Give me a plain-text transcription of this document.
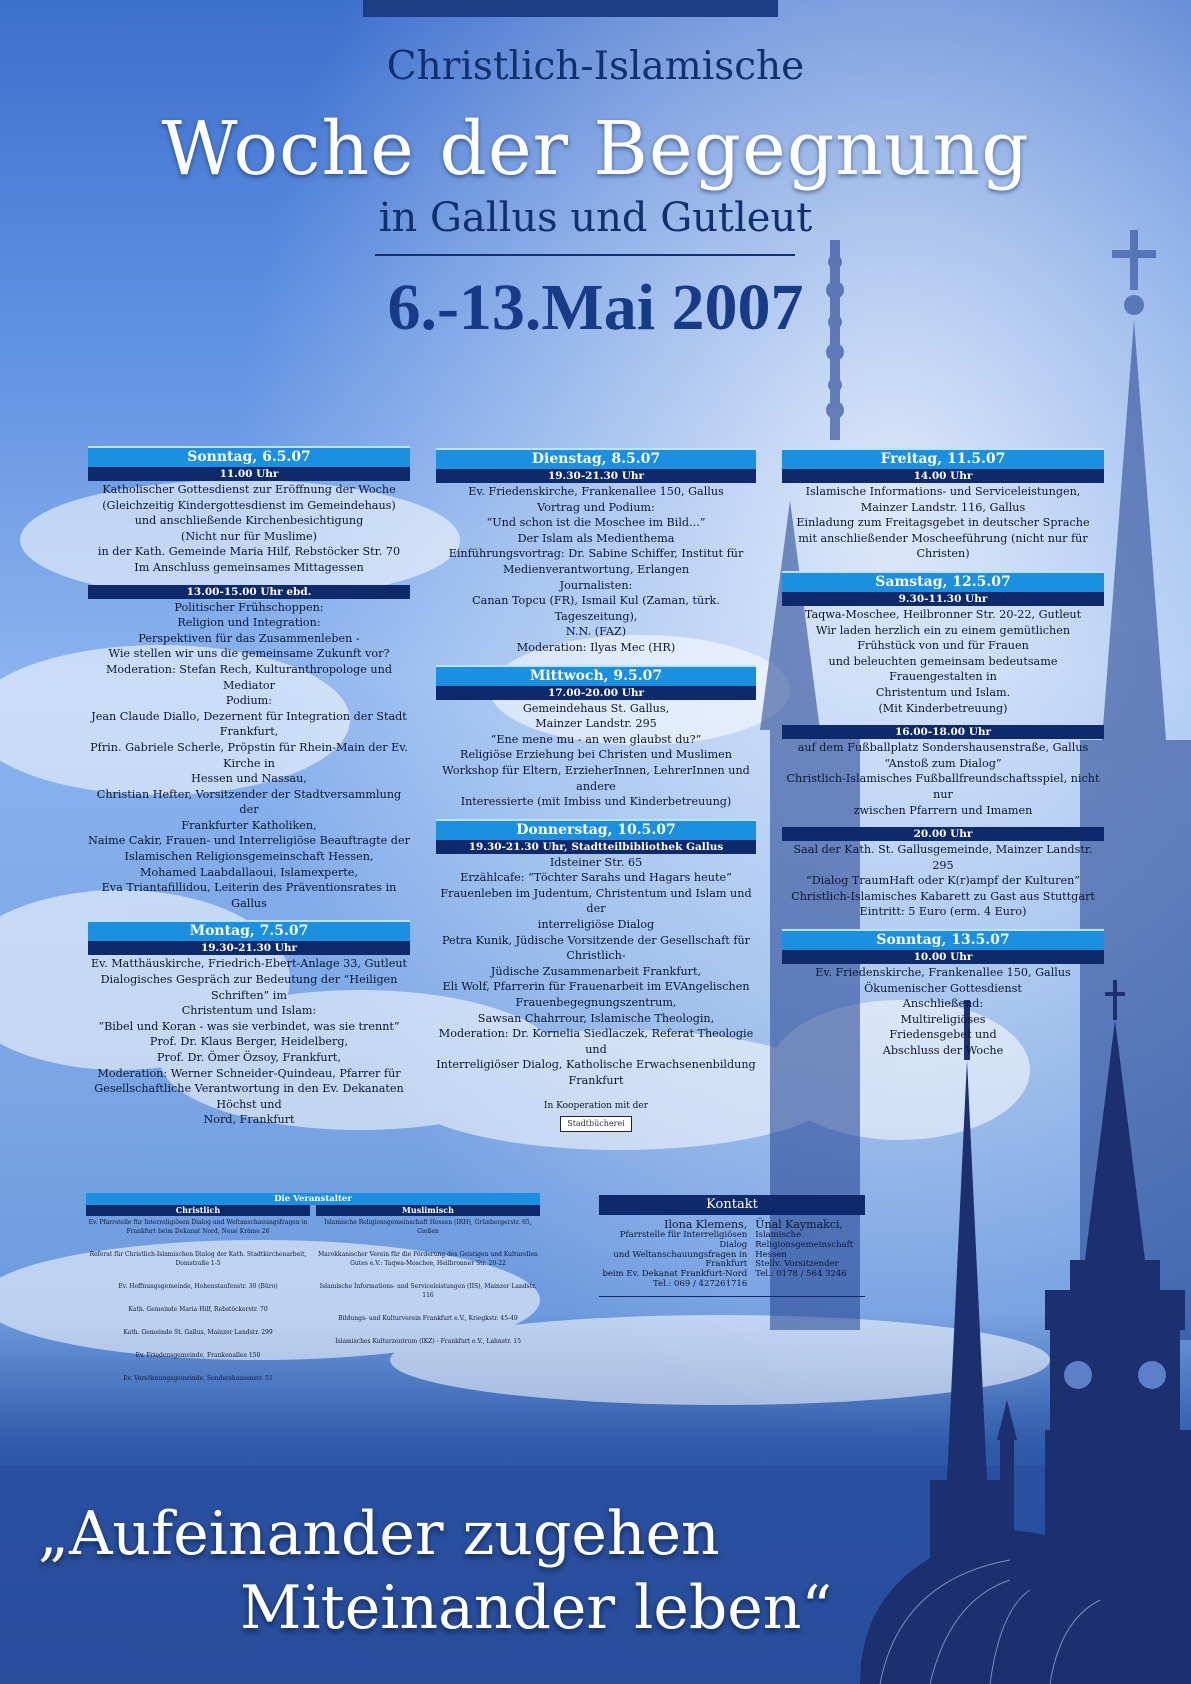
Christlich-Islamische
Woche der Begegnung
in Gallus und Gutleut
6.-13.Mai 2007
Sonntag, 6.5.07
11.00 Uhr

Katholischer Gottesdienst zur Eröffnung der Woche

(Gleichzeitig Kindergottesdienst im Gemeindehaus)

und anschließende Kirchenbesichtigung

(Nicht nur für Muslime)

in der Kath. Gemeinde Maria Hilf, Rebstöcker Str. 70

Im Anschluss gemeinsames Mittagessen

13.00-15.00 Uhr ebd.

Politischer Frühschoppen:

Religion und Integration:

Perspektiven für das Zusammenleben -

Wie stellen wir uns die gemeinsame Zukunft vor?

Moderation: Stefan Rech, Kulturanthropologe und Mediator

Podium:

Jean Claude Diallo, Dezernent für Integration der Stadt Frankfurt,

Pfrin. Gabriele Scherle, Pröpstin für Rhein-Main der Ev. Kirche in

Hessen und Nassau,

Christian Hefter, Vorsitzender der Stadtversammlung der

Frankfurter Katholiken,

Naime Cakir, Frauen- und Interreligiöse Beauftragte der

Islamischen Religionsgemeinschaft Hessen,

Mohamed Laabdallaoui, Islamexperte,

Eva Triantafillidou, Leiterin des Präventionsrates in Gallus

Montag, 7.5.07
19.30-21.30 Uhr

Ev. Matthäuskirche, Friedrich-Ebert-Anlage 33, Gutleut

Dialogisches Gespräch zur Bedeutung der “Heiligen Schriften” im

Christentum und Islam:

“Bibel und Koran - was sie verbindet, was sie trennt”

Prof. Dr. Klaus Berger, Heidelberg,

Prof. Dr. Ömer Özsoy, Frankfurt,

Moderation: Werner Schneider-Quindeau, Pfarrer für

Gesellschaftliche Verantwortung in den Ev. Dekanaten Höchst und

Nord, Frankfurt

Dienstag, 8.5.07
19.30-21.30 Uhr

Ev. Friedenskirche, Frankenallee 150, Gallus

Vortrag und Podium:

“Und schon ist die Moschee im Bild...”

Der Islam als Medienthema

Einführungsvortrag: Dr. Sabine Schiffer, Institut für

Medienverantwortung, Erlangen

Journalisten:

Canan Topcu (FR), Ismail Kul (Zaman, türk. Tageszeitung),

N.N. (FAZ)

Moderation: Ilyas Mec (HR)

Mittwoch, 9.5.07
17.00-20.00 Uhr

Gemeindehaus St. Gallus,

Mainzer Landstr. 295

“Ene mene mu - an wen glaubst du?”

Religiöse Erziehung bei Christen und Muslimen

Workshop für Eltern, ErzieherInnen, LehrerInnen und andere

Interessierte (mit Imbiss und Kinderbetreuung)

Donnerstag, 10.5.07
19.30-21.30 Uhr, Stadtteilbibliothek Gallus

Idsteiner Str. 65

Erzählcafe: “Töchter Sarahs und Hagars heute”

Frauenleben im Judentum, Christentum und Islam und der

interreligiöse Dialog

Petra Kunik, Jüdische Vorsitzende der Gesellschaft für Christlich-

Jüdische Zusammenarbeit Frankfurt,

Eli Wolf, Pfarrerin für Frauenarbeit im EVAngelischen

Frauenbegegnungszentrum,

Sawsan Chahrrour, Islamische Theologin,

Moderation: Dr. Kornelia Siedlaczek, Referat Theologie und

Interreligiöser Dialog, Katholische Erwachsenenbildung Frankfurt

In Kooperation mit der
Stadtbücherei
Freitag, 11.5.07
14.00 Uhr

Islamische Informations- und Serviceleistungen,

Mainzer Landstr. 116, Gallus

Einladung zum Freitagsgebet in deutscher Sprache

mit anschließender Moscheeführung (nicht nur für Christen)

Samstag, 12.5.07
9.30-11.30 Uhr

Taqwa-Moschee, Heilbronner Str. 20-22, Gutleut

Wir laden herzlich ein zu einem gemütlichen

Frühstück von und für Frauen

und beleuchten gemeinsam bedeutsame Frauengestalten in

Christentum und Islam.

(Mit Kinderbetreuung)

16.00-18.00 Uhr

auf dem Fußballplatz Sondershausenstraße, Gallus

“Anstoß zum Dialog”

Christlich-Islamisches Fußballfreundschaftsspiel, nicht nur

zwischen Pfarrern und Imamen

20.00 Uhr

Saal der Kath. St. Gallusgemeinde, Mainzer Landstr. 295

“Dialog TraumHaft oder K(r)ampf der Kulturen”

Christlich-Islamisches Kabarett zu Gast aus Stuttgart

Eintritt: 5 Euro (erm. 4 Euro)

Sonntag, 13.5.07
10.00 Uhr

Ev. Friedenskirche, Frankenallee 150, Gallus

Ökumenischer Gottesdienst

Anschließend:

Multireligiöses

Friedensgebet und

Abschluss der Woche

Die Veranstalter
Christlich

Ev. Pfarrstelle für Interreligiösen Dialog und Weltanschauungsfragen in Frankfurt beim Dekanat Nord, Neue Kräme 26

Referat für Christlich-Islamischen Dialog der Kath. Stadtkirchenarbeit, Domstraße 1-5

Ev. Hoffnungsgemeinde, Hohenstaufenstr. 30 (Büro)

Kath. Gemeinde Maria Hilf, Rebstöckerstr. 70

Kath. Gemeinde St. Gallus, Mainzer Landstr. 299

Ev. Friedensgemeinde, Frankenallee 150

Ev. Versöhnungsgemeinde, Sondershausenstr. 51

Muslimisch

Islamische Religionsgemeinschaft Hessen (IRH), Grünbergerstr. 65, Gießen

Marokkanischer Verein für die Förderung des Geistigen und Kulturellen Gutes e.V.: Taqwa-Moschee, Heilbronner Str. 20-22

Islamische Informations- und Serviceleistungen (IIS), Mainzer Landstr. 116

Bildungs- und Kulturverein Frankfurt e.V., Kriegkstr. 45-49

Islamisches Kulturzentrum (IKZ) - Frankfurt e.V., Lahnstr. 15

Kontakt
Ilona Klemens,
Pfarrstelle für Interreligiösen Dialog
und Weltanschauungsfragen in Frankfurt
beim Ev. Dekanat Frankfurt-Nord
Tel.: 069 / 427261716
Ünal Kaymakci,
Islamische
Religionsgemeinschaft Hessen
Stellv. Vorsitzender
Tel.: 0178 / 564 3246
„Aufeinander zugehen
Miteinander leben“
